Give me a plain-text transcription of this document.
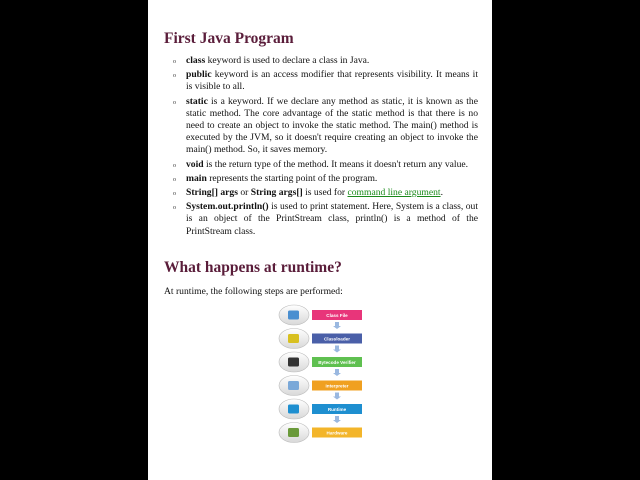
First Java Program
o class keyword is used to declare a class in Java.
o public keyword is an access modifier that represents visibility. It means it is visible to all.
o static is a keyword. If we declare any method as static, it is known as the static method. The core advantage of the static method is that there is no need to create an object to invoke the static method. The main() method is executed by the JVM, so it doesn't require creating an object to invoke the main() method. So, it saves memory.
o void is the return type of the method. It means it doesn't return any value.
o main represents the starting point of the program.
o String[] args or String args[] is used for command line argument.
o System.out.println() is used to print statement. Here, System is a class, out is an object of the PrintStream class, println() is a method of the PrintStream class.
What happens at runtime?

At runtime, the following steps are performed:

Class File
Classloader
Bytecode Verifier
Interpreter
Runtime
Hardware
